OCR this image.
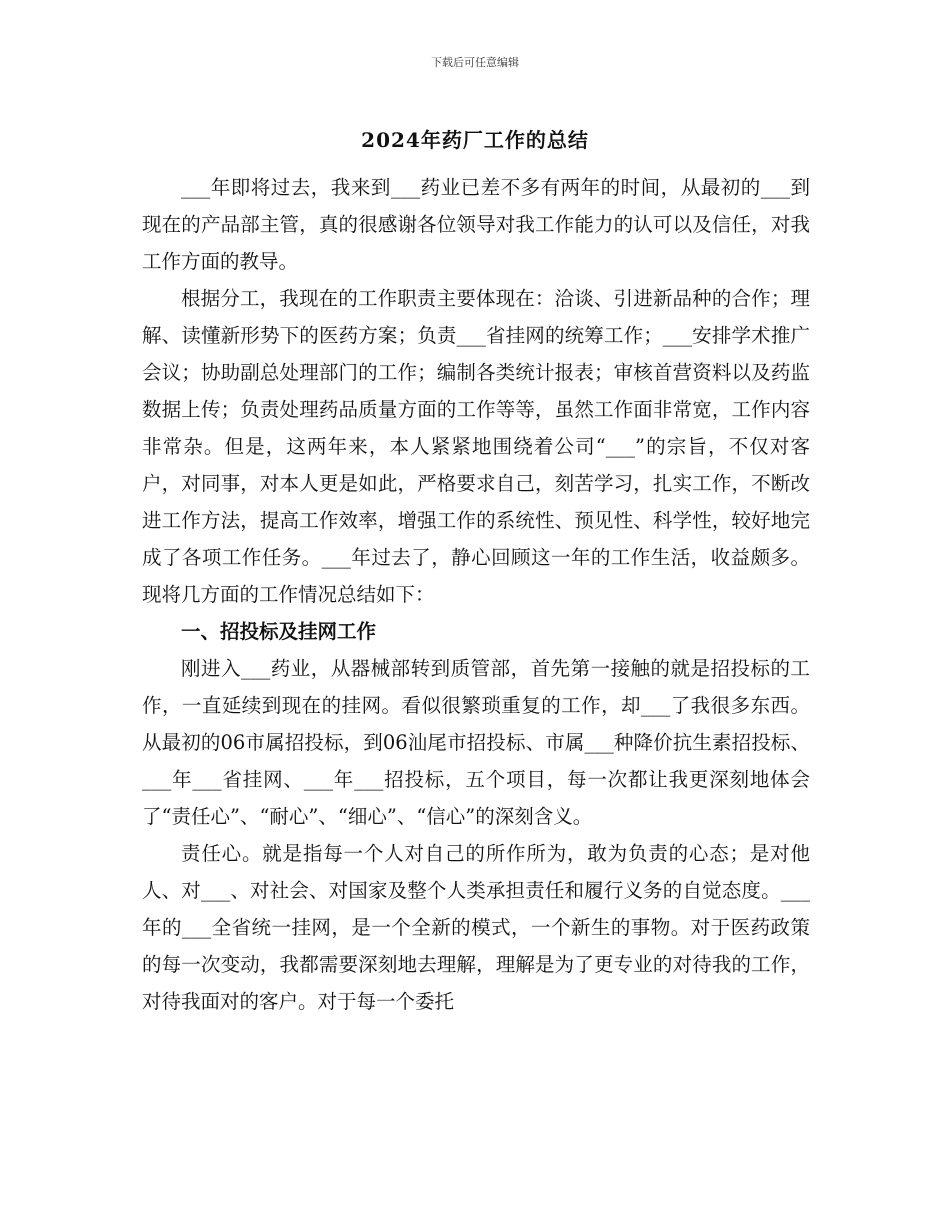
下载后可任意编辑
2024年药厂工作的总结

___年即将过去，我来到___药业已差不多有两年的时间，从最初的___到现在的产品部主管，真的很感谢各位领导对我工作能力的认可以及信任，对我工作方面的教导。

根据分工，我现在的工作职责主要体现在：洽谈、引进新品种的合作；理解、读懂新形势下的医药方案；负责___省挂网的统筹工作；___安排学术推广会议；协助副总处理部门的工作；编制各类统计报表；审核首营资料以及药监数据上传；负责处理药品质量方面的工作等等，虽然工作面非常宽，工作内容非常杂。但是，这两年来，本人紧紧地围绕着公司“___”的宗旨，不仅对客户，对同事，对本人更是如此，严格要求自己，刻苦学习，扎实工作，不断改进工作方法，提高工作效率，增强工作的系统性、预见性、科学性，较好地完成了各项工作任务。___年过去了，静心回顾这一年的工作生活，收益颇多。现将几方面的工作情况总结如下：

一、招投标及挂网工作

刚进入___药业，从器械部转到质管部，首先第一接触的就是招投标的工作，一直延续到现在的挂网。看似很繁琐重复的工作，却___了我很多东西。从最初的06市属招投标，到06汕尾市招投标、市属___种降价抗生素招投标、___年___省挂网、___年___招投标，五个项目，每一次都让我更深刻地体会了“责任心”、“耐心”、“细心”、“信心”的深刻含义。

责任心。就是指每一个人对自己的所作所为，敢为负责的心态；是对他人、对___、对社会、对国家及整个人类承担责任和履行义务的自觉态度。___年的___全省统一挂网，是一个全新的模式，一个新生的事物。对于医药政策的每一次变动，我都需要深刻地去理解，理解是为了更专业的对待我的工作，对待我面对的客户。对于每一个委托
